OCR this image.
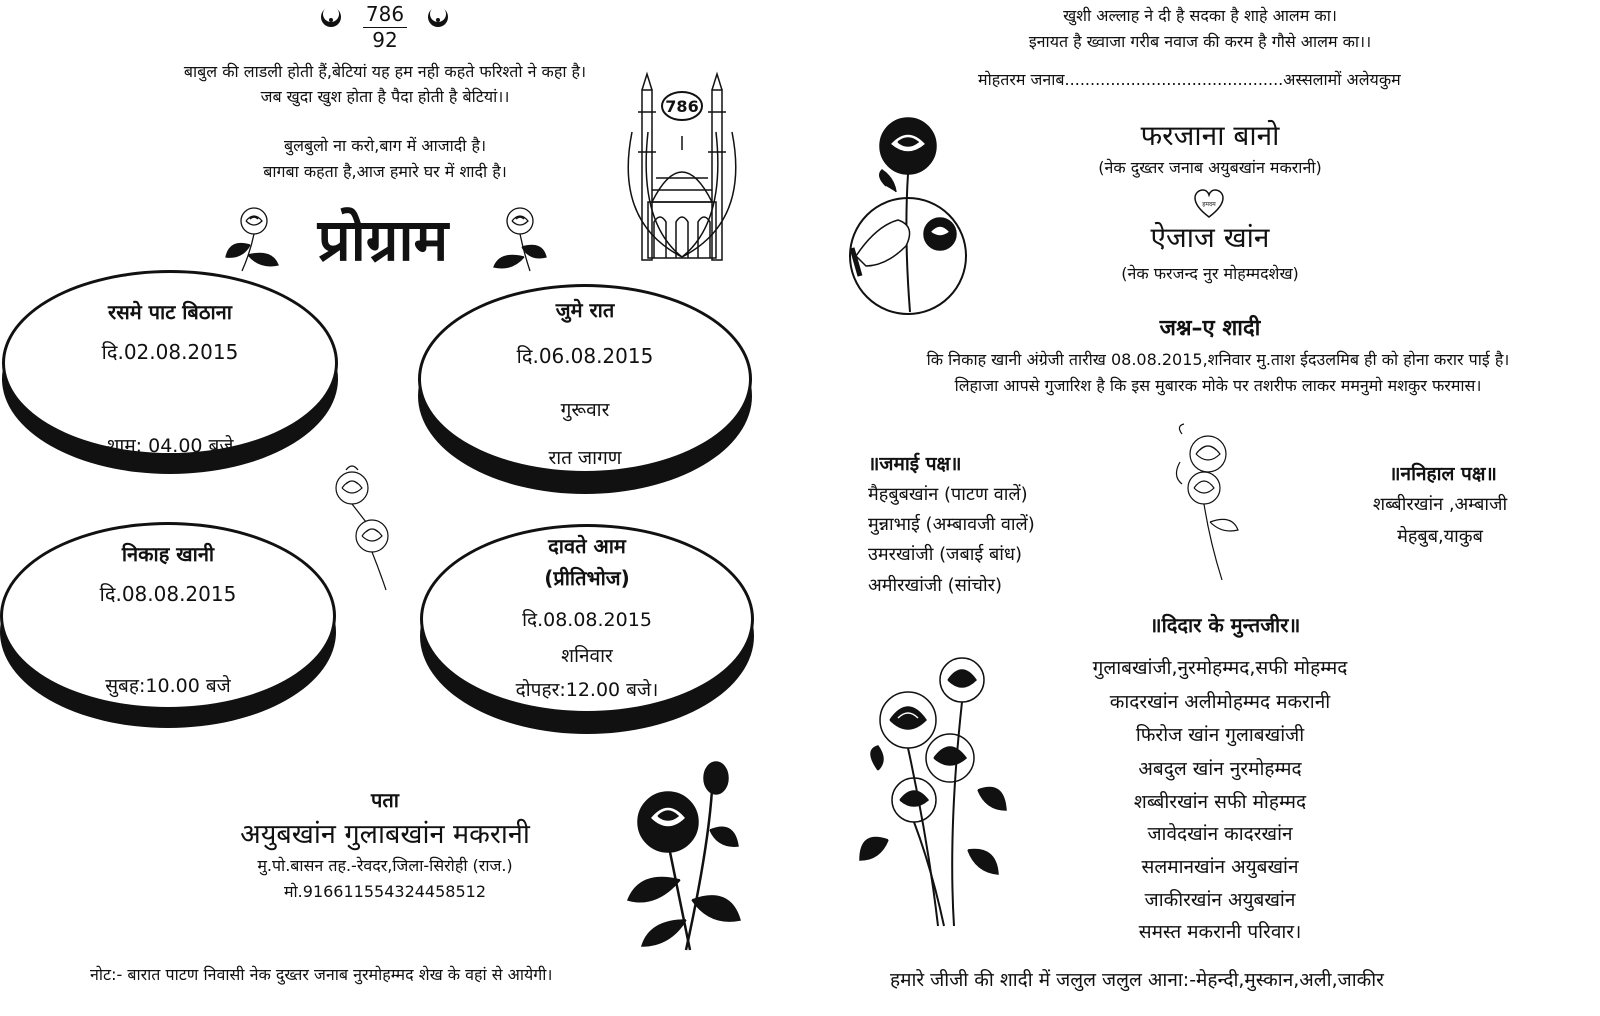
786
92
बाबुल की लाडली होती हैं,बेटियां यह हम नही कहते फरिश्तो ने कहा है।
जब खुदा खुश होता है पैदा होती है बेटियां।।
बुलबुलो ना करो,बाग में आजादी है।
बागबा कहता है,आज हमारे घर में शादी है।
786
प्रोग्राम
रसमे पाट बिठाना
दि.02.08.2015
शाम: 04.00 बजे
जुमे रात
दि.06.08.2015
गुरूवार
रात जागण
निकाह खानी
दि.08.08.2015
सुबह:10.00 बजे
दावते आम
(प्रीतिभोज)
दि.08.08.2015
शनिवार
दोपहर:12.00 बजे।
पता
अयुबखांन गुलाबखांन मकरानी
मु.पो.बासन तह.-रेवदर,जिला-सिरोही (राज.)
मो.916611554324458512
नोट:- बारात पाटण निवासी नेक दुख्तर जनाब नुरमोहम्मद शेख के वहां से आयेगी।
खुशी अल्लाह ने दी है सदका है शाहे आलम का।
इनायत है ख्वाजा गरीब नवाज की करम है गौसे आलम का।।
मोहतरम जनाब...........................................अस्सलामों अलेयकुम
फरजाना बानो
(नेक दुख्तर जनाब अयुबखांन मकरानी)
हमदम
ऐजाज खांन
(नेक फरजन्द नुर मोहम्मदशेख)
जश्न–ए शादी
कि निकाह खानी अंग्रेजी तारीख 08.08.2015,शनिवार मु.ताश ईदउलमिब ही को होना करार पाई है।
लिहाजा आपसे गुजारिश है कि इस मुबारक मोके पर तशरीफ लाकर ममनुमो मशकुर फरमास।
॥जमाई पक्ष॥
मैहबुबखांन (पाटण वालें)
मुन्नाभाई (अम्बावजी वालें)
उमरखांजी (जबाई बांध)
अमीरखांजी (सांचोर)
॥ननिहाल पक्ष॥
शब्बीरखांन ,अम्बाजी
मेहबुब,याकुब
॥दिदार के मुन्तजीर॥
गुलाबखांजी,नुरमोहम्मद,सफी मोहम्मद
कादरखांन अलीमोहम्मद मकरानी
फिरोज खांन गुलाबखांजी
अबदुल खांन नुरमोहम्मद
शब्बीरखांन सफी मोहम्मद
जावेदखांन कादरखांन
सलमानखांन अयुबखांन
जाकीरखांन अयुबखांन
समस्त मकरानी परिवार।
हमारे जीजी की शादी में जलुल जलुल आना:-मेहन्दी,मुस्कान,अली,जाकीर
